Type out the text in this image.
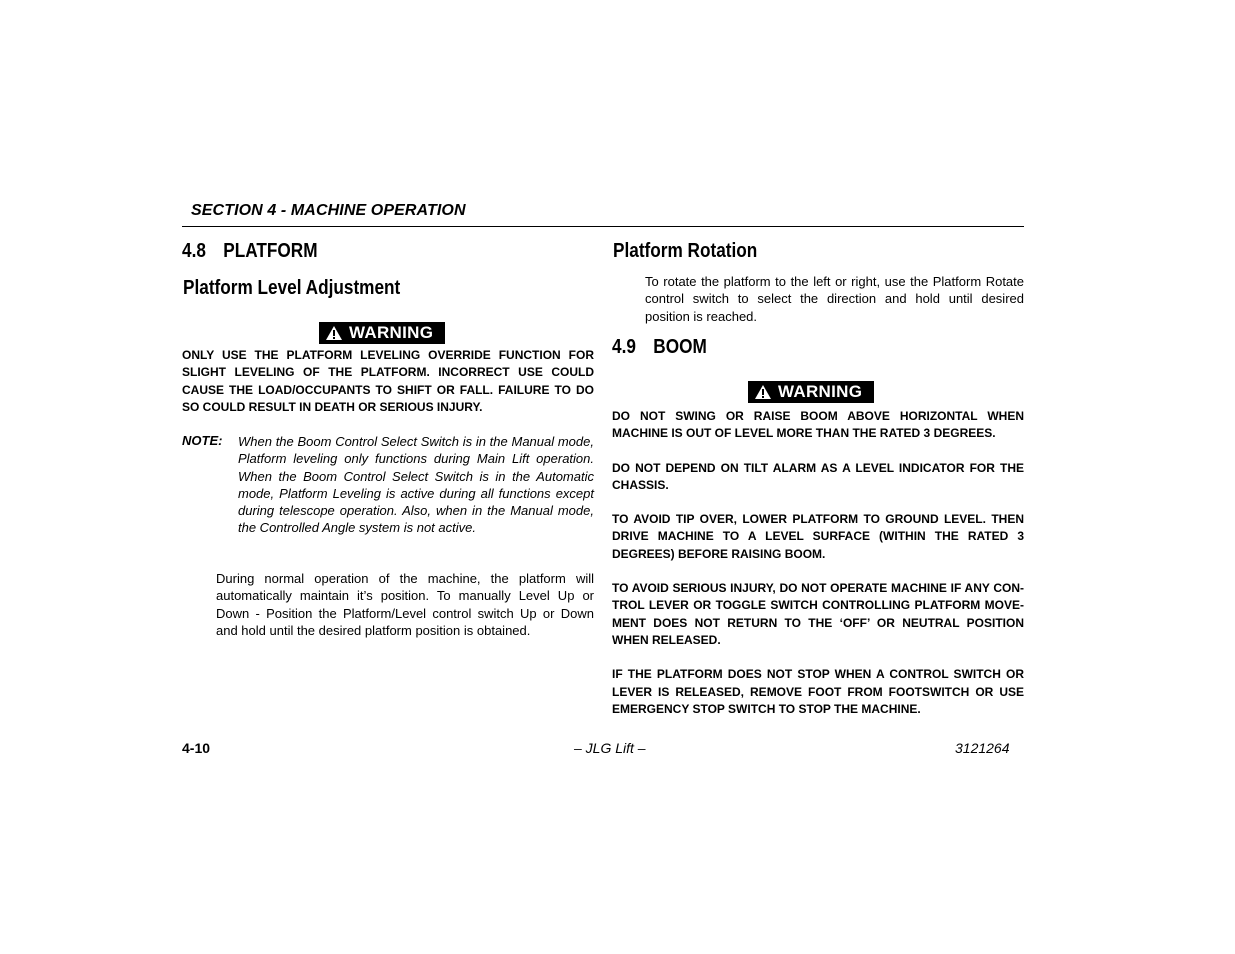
SECTION 4 - MACHINE OPERATION
4.8 PLATFORM
Platform Level Adjustment
WARNING

ONLY USE THE PLATFORM LEVELING OVERRIDE FUNCTION FOR SLIGHT LEVELING OF THE PLATFORM. INCORRECT USE COULD CAUSE THE LOAD/OCCUPANTS TO SHIFT OR FALL. FAILURE TO DO SO COULD RESULT IN DEATH OR SERIOUS INJURY.

NOTE: When the Boom Control Select Switch is in the Manual mode, Platform leveling only functions during Main Lift operation. When the Boom Control Select Switch is in the Automatic mode, Platform Leveling is active during all functions except during telescope operation. Also, when in the Manual mode, the Controlled Angle system is not active.
During normal operation of the machine, the platform will automatically maintain it’s position. To manually Level Up or Down - Position the Platform/Level control switch Up or Down and hold until the desired platform position is obtained.
Platform Rotation
To rotate the platform to the left or right, use the Platform Rotate control switch to select the direction and hold until desired position is reached.
4.9 BOOM
WARNING

DO NOT SWING OR RAISE BOOM ABOVE HORIZONTAL WHEN MACHINE IS OUT OF LEVEL MORE THAN THE RATED 3 DEGREES.

DO NOT DEPEND ON TILT ALARM AS A LEVEL INDICATOR FOR THE CHASSIS.

TO AVOID TIP OVER, LOWER PLATFORM TO GROUND LEVEL. THEN DRIVE MACHINE TO A LEVEL SURFACE (WITHIN THE RATED 3 DEGREES) BEFORE RAISING BOOM.

TO AVOID SERIOUS INJURY, DO NOT OPERATE MACHINE IF ANY CON-TROL LEVER OR TOGGLE SWITCH CONTROLLING PLATFORM MOVE-MENT DOES NOT RETURN TO THE ‘OFF’ OR NEUTRAL POSITION WHEN RELEASED.

IF THE PLATFORM DOES NOT STOP WHEN A CONTROL SWITCH OR LEVER IS RELEASED, REMOVE FOOT FROM FOOTSWITCH OR USE EMERGENCY STOP SWITCH TO STOP THE MACHINE.

4-10	– JLG Lift –	3121264
